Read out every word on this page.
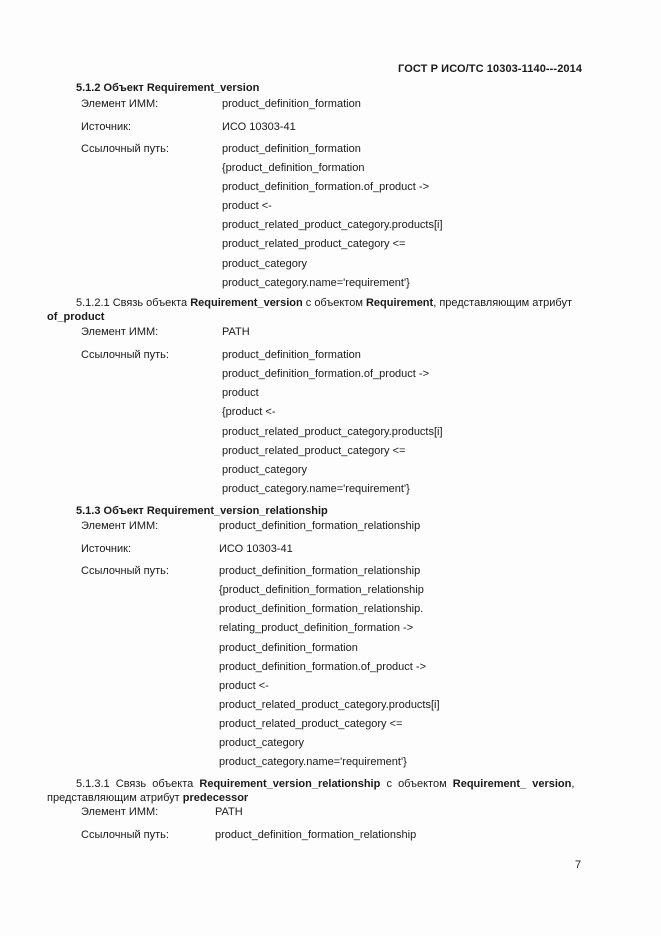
ГОСТ Р ИСО/ТС 10303-1140---2014
5.1.2 Объект Requirement_version
Элемент ИММ:	product_definition_formation
Источник:	ИСО 10303-41
Ссылочный путь:	product_definition_formation
{product_definition_formation
product_definition_formation.of_product ->
product <-
product_related_product_category.products[i]
product_related_product_category <=
product_category
product_category.name='requirement'}
5.1.2.1 Связь объекта Requirement_version с объектом Requirement, представляющим атрибут
of_product
Элемент ИММ:	PATH
Ссылочный путь:	product_definition_formation
product_definition_formation.of_product ->
product
{product <-
product_related_product_category.products[i]
product_related_product_category <=
product_category
product_category.name='requirement'}
5.1.3 Объект Requirement_version_relationship
Элемент ИММ:	product_definition_formation_relationship
Источник:	ИСО 10303-41
Ссылочный путь:	product_definition_formation_relationship
{product_definition_formation_relationship
product_definition_formation_relationship.
relating_product_definition_formation ->
product_definition_formation
product_definition_formation.of_product ->
product <-
product_related_product_category.products[i]
product_related_product_category <=
product_category
product_category.name='requirement'}
5.1.3.1  Связь  объекта  Requirement_version_relationship  с  объектом  Requirement_  version,
представляющим атрибут predecessor
Элемент ИММ:	PATH
Ссылочный путь:	product_definition_formation_relationship
7
